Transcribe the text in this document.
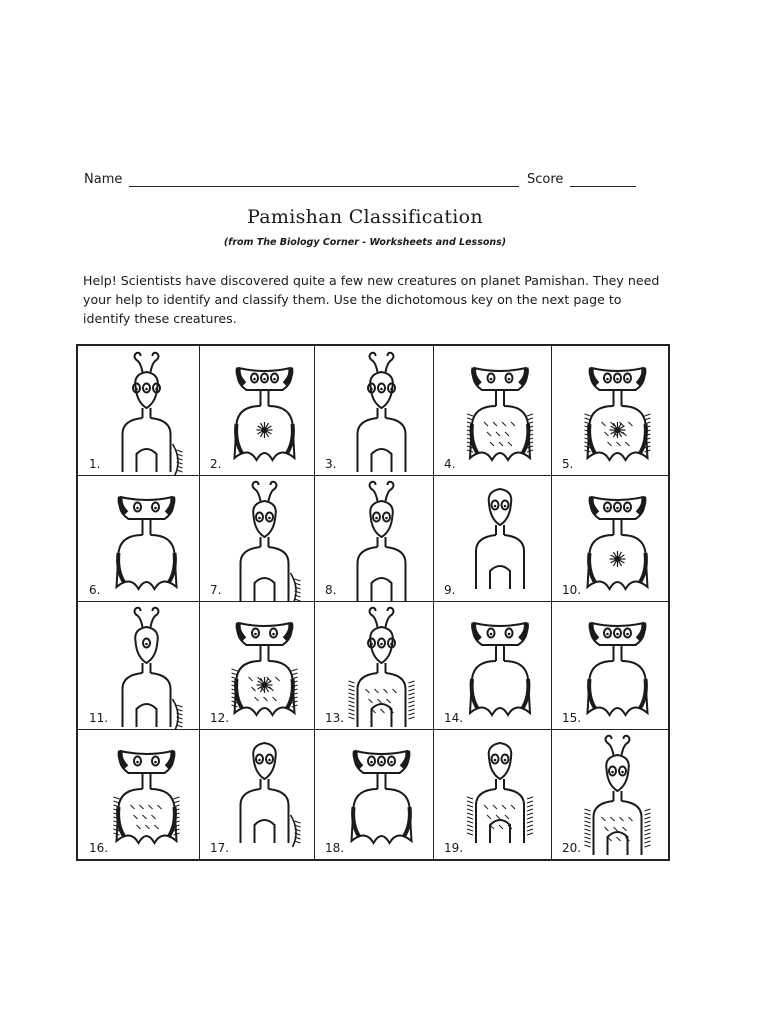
Name	Score
Pamishan Classification
(from The Biology Corner - Worksheets and Lessons)
Help! Scientists have discovered quite a few new creatures on planet Pamishan. They need your help to identify and classify them. Use the dichotomous key on the next page to identify these creatures.
1.	2.	3.	4.	5.
6.	7.	8.	9.	10.
11.	12.	13.	14.	15.
16.	17.	18.	19.	20.
